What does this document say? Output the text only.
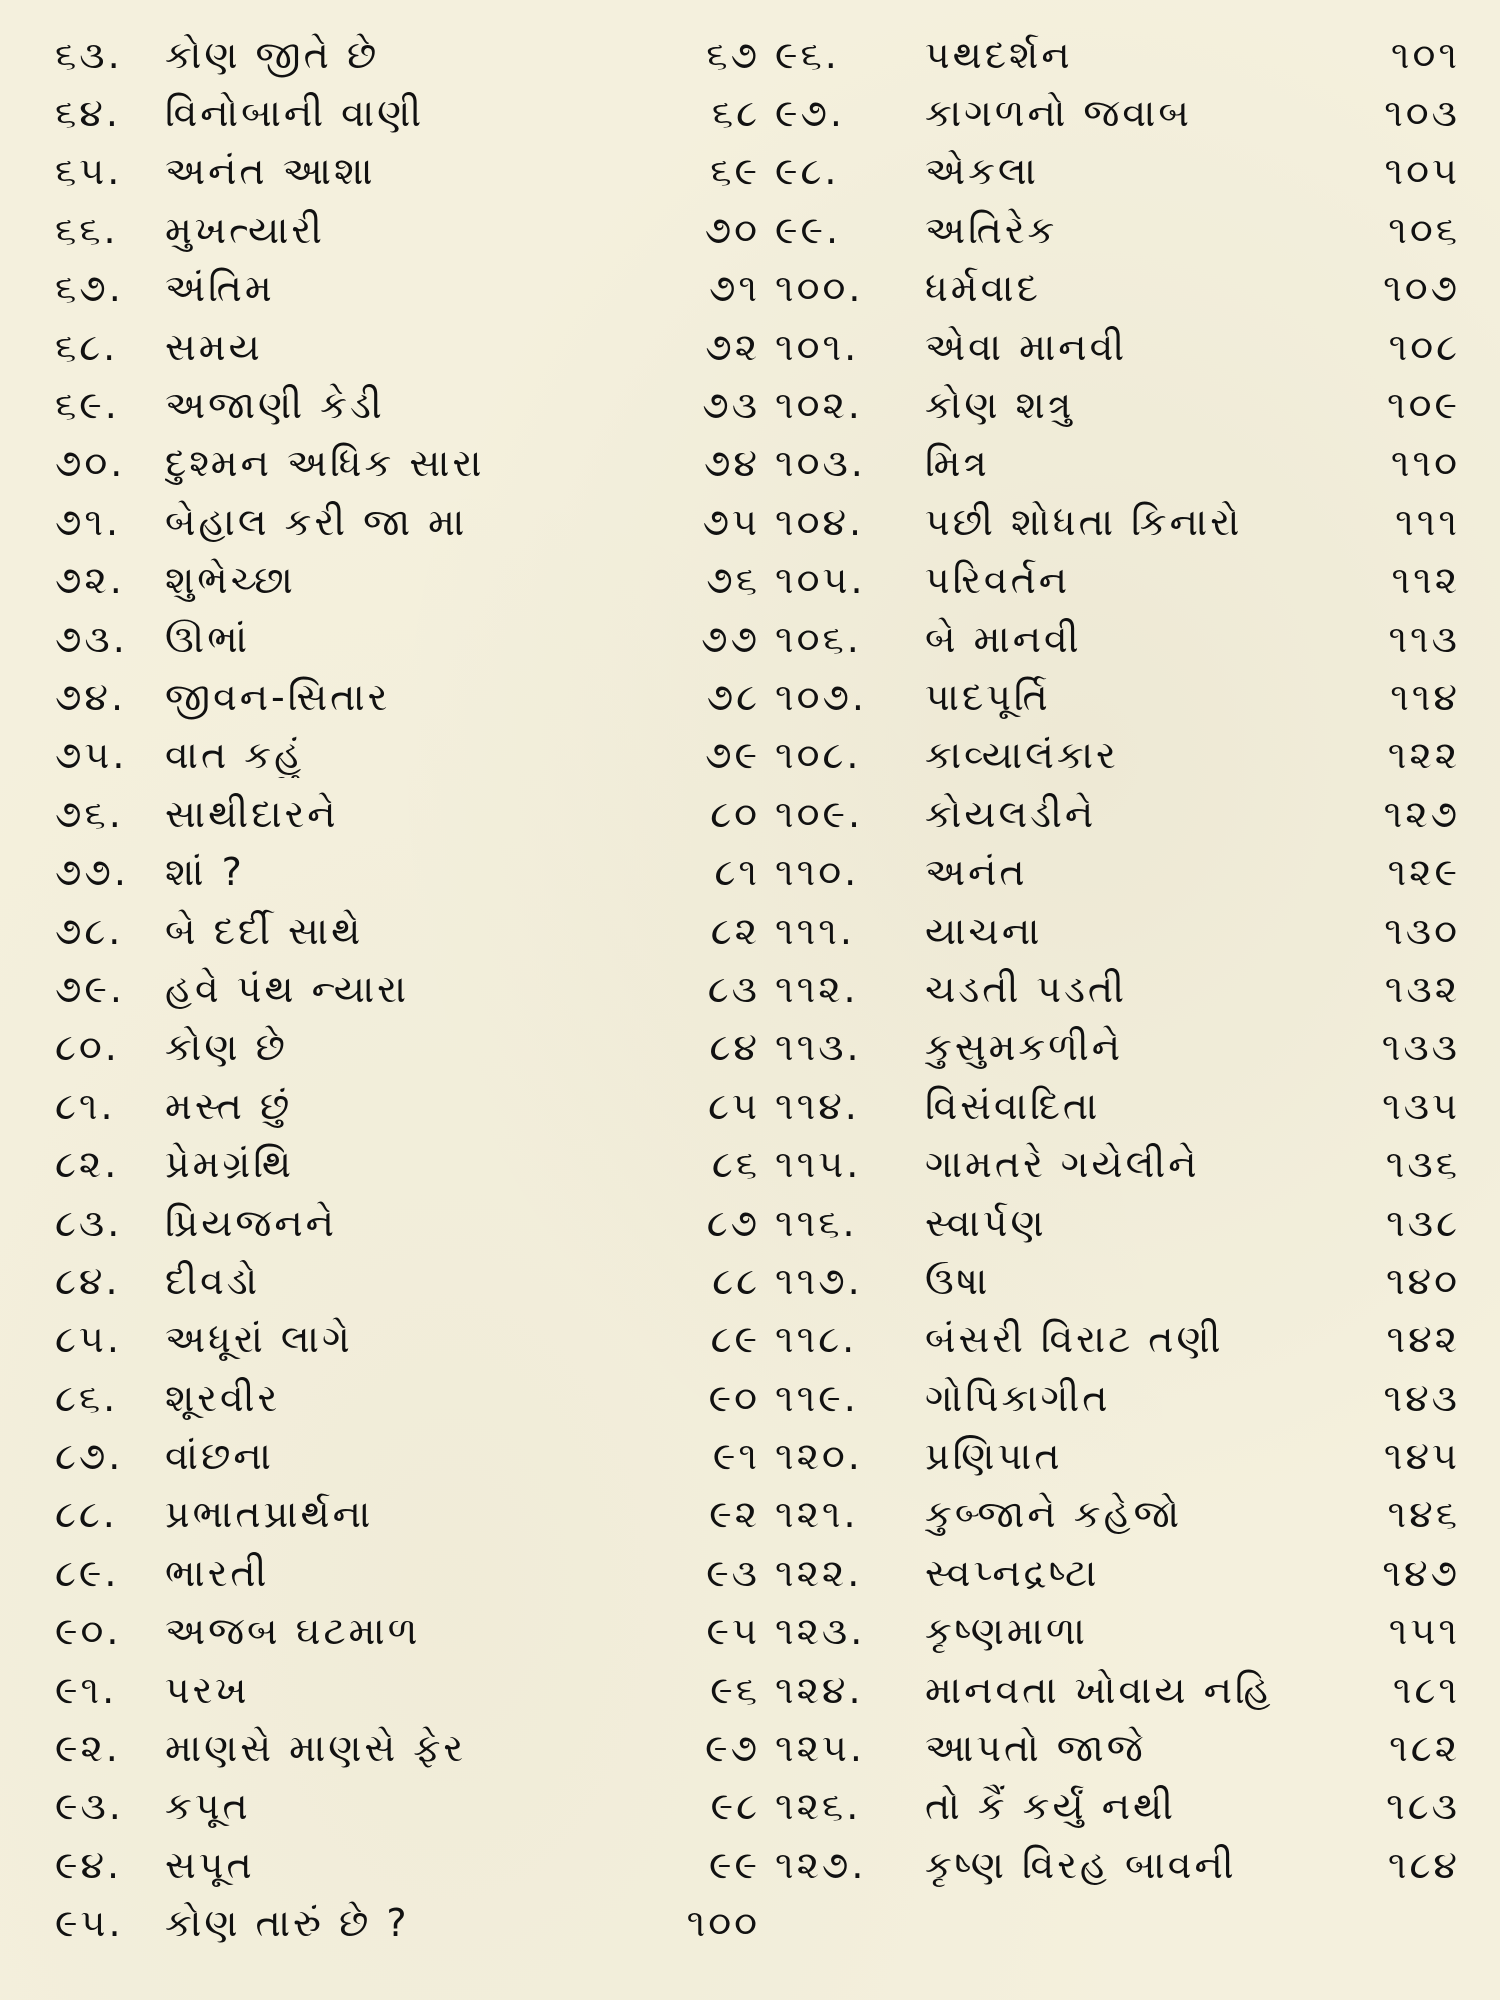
૬૩.	કોણ જીતે છે	૬૭
૬૪.	વિનોબાની વાણી	૬૮
૬૫.	અનંત આશા	૬૯
૬૬.	મુખત્યારી	૭૦
૬૭.	અંતિમ	૭૧
૬૮.	સમય	૭૨
૬૯.	અજાણી કેડી	૭૩
૭૦.	દુશ્મન અધિક સારા	૭૪
૭૧.	બેહાલ કરી જા મા	૭૫
૭૨.	શુભેચ્છા	૭૬
૭૩. ઊભાં	૭૭
૭૪.	જીવન-સિતાર	૭૮
૭૫. વાત કહું	૭૯
૭૬.	સાથીદારને	૮૦
૭૭. શાં ?	૮૧
૭૮.	બે દર્દી સાથે	૮૨
૭૯.	હવે પંથ ન્યારા	૮૩
૮૦.	કોણ છે	૮૪
૮૧.	મસ્ત છું	૮૫
૮૨.	પ્રેમગ્રંથિ	૮૬
૮૩.	પ્રિયજનને	૮૭
૮૪.	દીવડો	૮૮
૮૫.	અધૂરાં લાગે	૮૯
૮૬.	શૂરવીર	૯૦
૮૭.	વાંછના	૯૧
૮૮.	પ્રભાતપ્રાર્થના	૯૨
૮૯.	ભારતી	૯૩
૯૦.	અજબ ઘટમાળ	૯૫
૯૧.	પરખ	૯૬
૯૨.	માણસે માણસે ફેર	૯૭
૯૩.	કપૂત	૯૮
૯૪.	સપૂત	૯૯
૯૫.	કોણ તારું છે ?	૧૦૦
૯૬.	પથદર્શન	૧૦૧
૯૭.	કાગળનો જવાબ	૧૦૩
૯૮.	એકલા	૧૦૫
૯૯.	અતિરેક	૧૦૬
૧૦૦.	ધર્મવાદ	૧૦૭
૧૦૧.	એવા માનવી	૧૦૮
૧૦૨.	કોણ શત્રુ	૧૦૯
૧૦૩.	મિત્ર	૧૧૦
૧૦૪.	પછી શોધતા કિનારો	૧૧૧
૧૦૫.	પરિવર્તન	૧૧૨
૧૦૬.	બે માનવી	૧૧૩
૧૦૭.	પાદપૂર્તિ	૧૧૪
૧૦૮.	કાવ્યાલંકાર	૧૨૨
૧૦૯.	કોયલડીને	૧૨૭
૧૧૦.	અનંત	૧૨૯
૧૧૧.	યાચના	૧૩૦
૧૧૨.	ચડતી પડતી	૧૩૨
૧૧૩.	કુસુમકળીને	૧૩૩
૧૧૪.	વિસંવાદિતા	૧૩૫
૧૧૫.	ગામતરે ગયેલીને	૧૩૬
૧૧૬.	સ્વાર્પણ	૧૩૮
૧૧૭.	ઉષા	૧૪૦
૧૧૮.	બંસરી વિરાટ તણી	૧૪૨
૧૧૯.	ગોપિકાગીત	૧૪૩
૧૨૦.	પ્રણિપાત	૧૪૫
૧૨૧.	કુબ્જાને કહેજો	૧૪૬
૧૨૨.	સ્વપ્નદ્રષ્ટા	૧૪૭
૧૨૩.	કૃષ્ણમાળા	૧૫૧
૧૨૪.	માનવતા ખોવાય નહિ	૧૮૧
૧૨૫.	આપતો જાજે	૧૮૨
૧૨૬.	તો કૈં કર્યું નથી	૧૮૩
૧૨૭.	કૃષ્ણ વિરહ બાવની	૧૮૪
